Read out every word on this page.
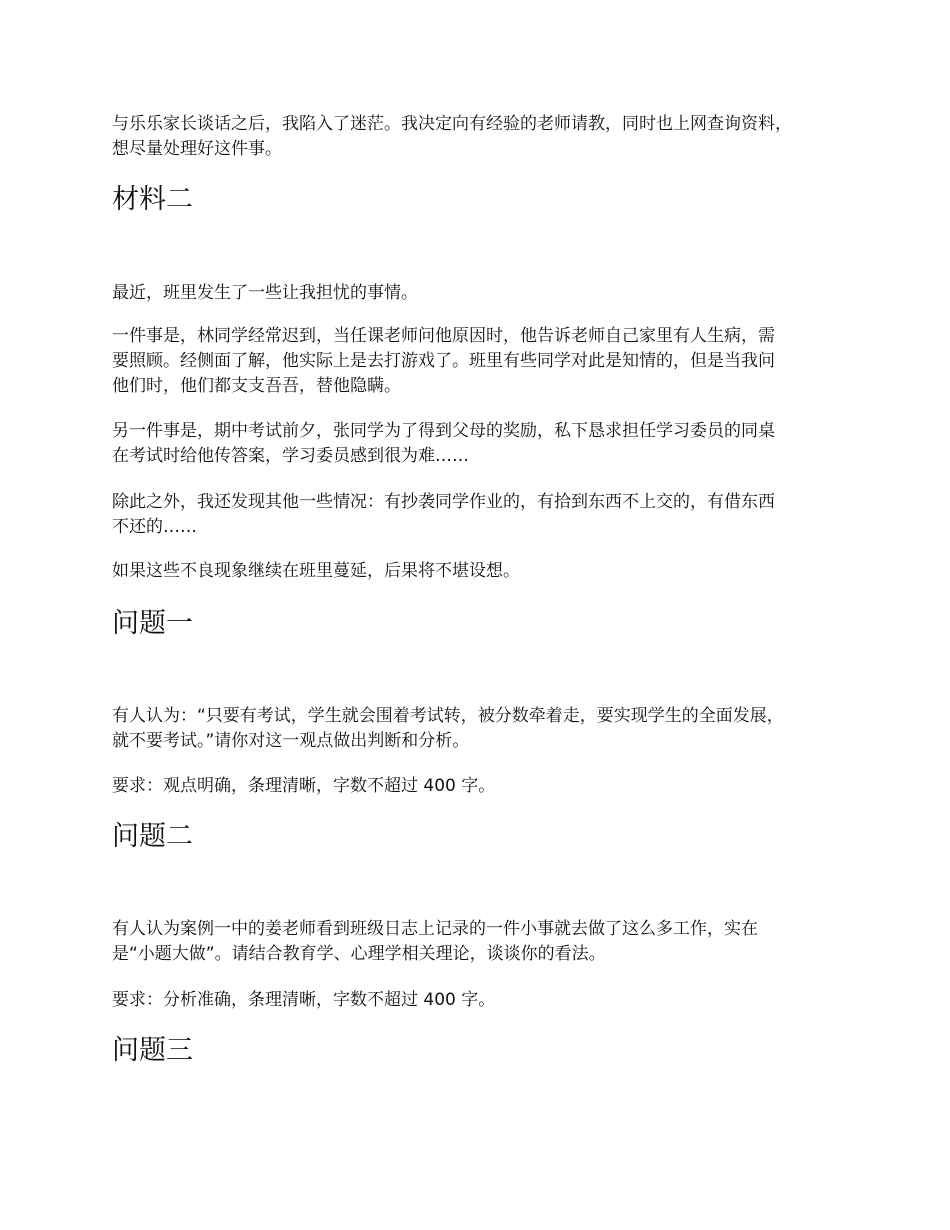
与乐乐家长谈话之后，我陷入了迷茫。我决定向有经验的老师请教，同时也上网查询资料，
想尽量处理好这件事。

材料二

最近，班里发生了一些让我担忧的事情。

一件事是，林同学经常迟到，当任课老师问他原因时，他告诉老师自己家里有人生病，需
要照顾。经侧面了解，他实际上是去打游戏了。班里有些同学对此是知情的，但是当我问
他们时，他们都支支吾吾，替他隐瞒。

另一件事是，期中考试前夕，张同学为了得到父母的奖励，私下恳求担任学习委员的同桌
在考试时给他传答案，学习委员感到很为难……

除此之外，我还发现其他一些情况：有抄袭同学作业的，有拾到东西不上交的，有借东西
不还的……

如果这些不良现象继续在班里蔓延，后果将不堪设想。

问题一

有人认为：“只要有考试，学生就会围着考试转，被分数牵着走，要实现学生的全面发展，
就不要考试。”请你对这一观点做出判断和分析。

要求：观点明确，条理清晰，字数不超过 400 字。

问题二

有人认为案例一中的姜老师看到班级日志上记录的一件小事就去做了这么多工作，实在
是“小题大做”。请结合教育学、心理学相关理论，谈谈你的看法。

要求：分析准确，条理清晰，字数不超过 400 字。

问题三
